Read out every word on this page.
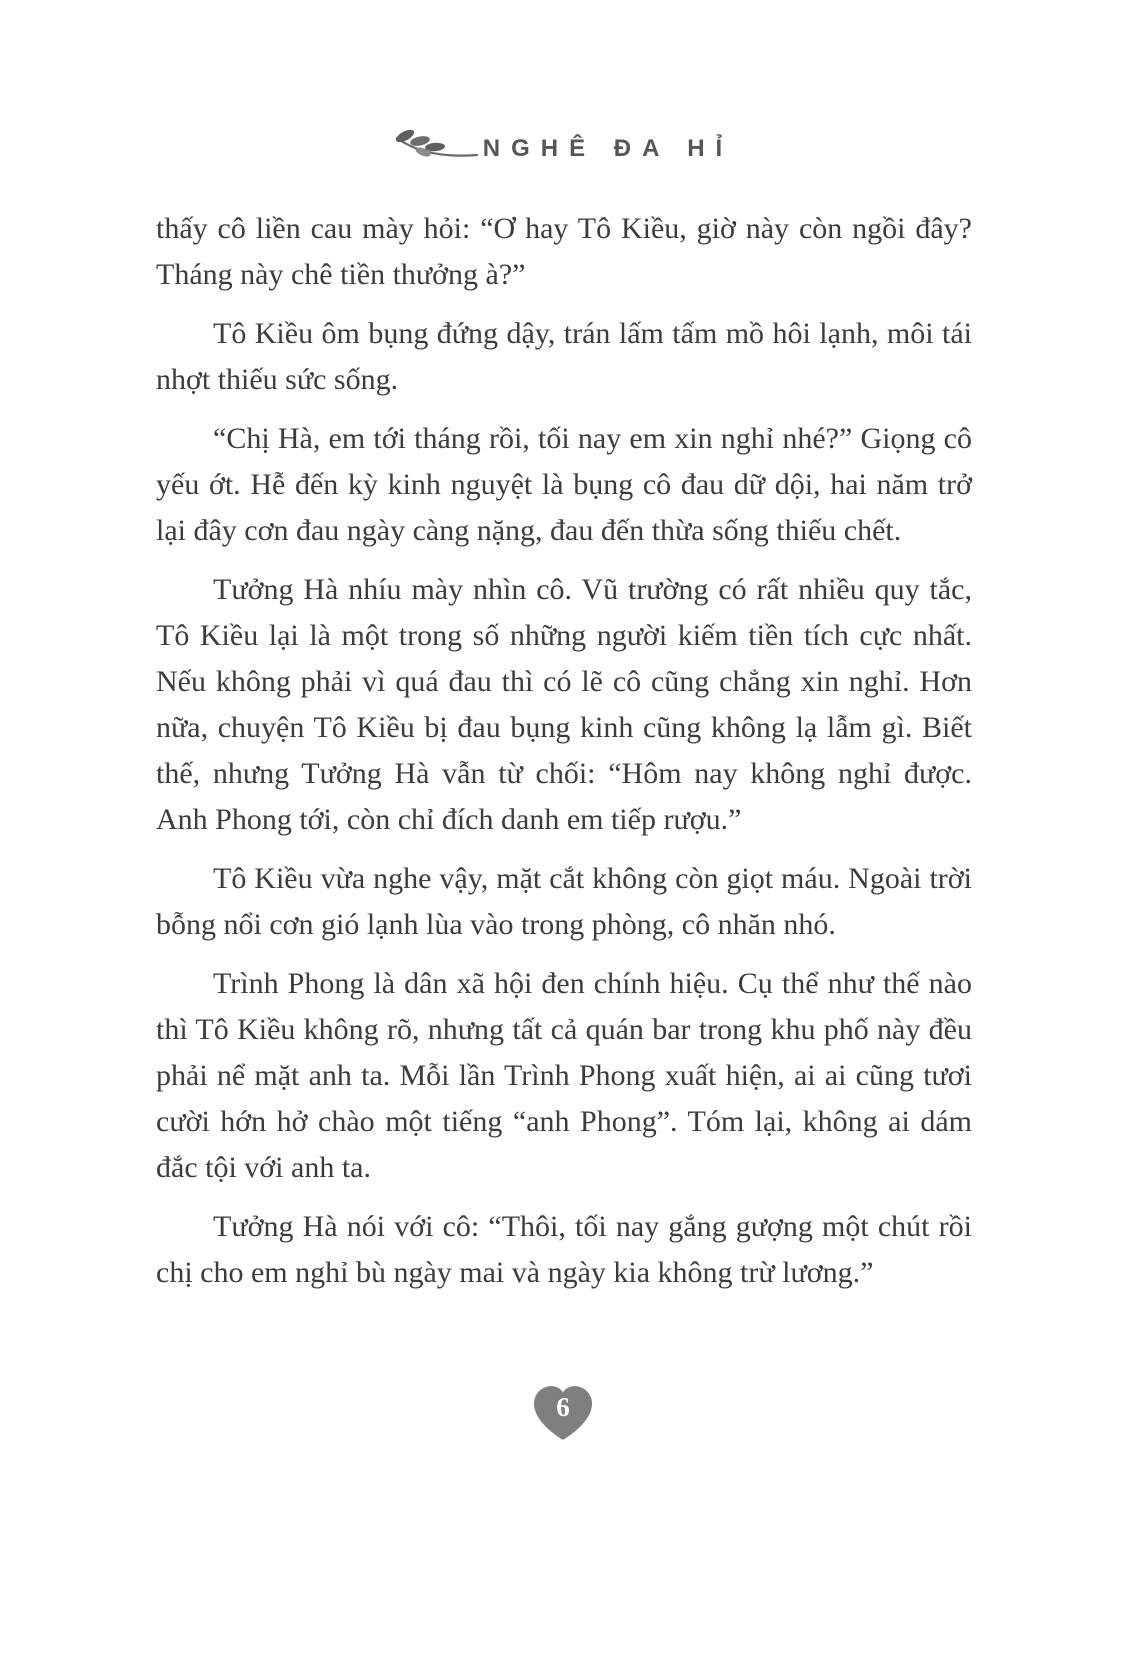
NGHÊ ĐA HỈ

thấy cô liền cau mày hỏi: “Ơ hay Tô Kiều, giờ này còn ngồi đây? Tháng này chê tiền thưởng à?”

Tô Kiều ôm bụng đứng dậy, trán lấm tấm mồ hôi lạnh, môi tái nhợt thiếu sức sống.

“Chị Hà, em tới tháng rồi, tối nay em xin nghỉ nhé?” Giọng cô yếu ớt. Hễ đến kỳ kinh nguyệt là bụng cô đau dữ dội, hai năm trở lại đây cơn đau ngày càng nặng, đau đến thừa sống thiếu chết.

Tưởng Hà nhíu mày nhìn cô. Vũ trường có rất nhiều quy tắc, Tô Kiều lại là một trong số những người kiếm tiền tích cực nhất. Nếu không phải vì quá đau thì có lẽ cô cũng chẳng xin nghỉ. Hơn nữa, chuyện Tô Kiều bị đau bụng kinh cũng không lạ lẫm gì. Biết thế, nhưng Tưởng Hà vẫn từ chối: “Hôm nay không nghỉ được. Anh Phong tới, còn chỉ đích danh em tiếp rượu.”

Tô Kiều vừa nghe vậy, mặt cắt không còn giọt máu. Ngoài trời bỗng nổi cơn gió lạnh lùa vào trong phòng, cô nhăn nhó.

Trình Phong là dân xã hội đen chính hiệu. Cụ thể như thế nào thì Tô Kiều không rõ, nhưng tất cả quán bar trong khu phố này đều phải nể mặt anh ta. Mỗi lần Trình Phong xuất hiện, ai ai cũng tươi cười hớn hở chào một tiếng “anh Phong”. Tóm lại, không ai dám đắc tội với anh ta.

Tưởng Hà nói với cô: “Thôi, tối nay gắng gượng một chút rồi chị cho em nghỉ bù ngày mai và ngày kia không trừ lương.”

6
